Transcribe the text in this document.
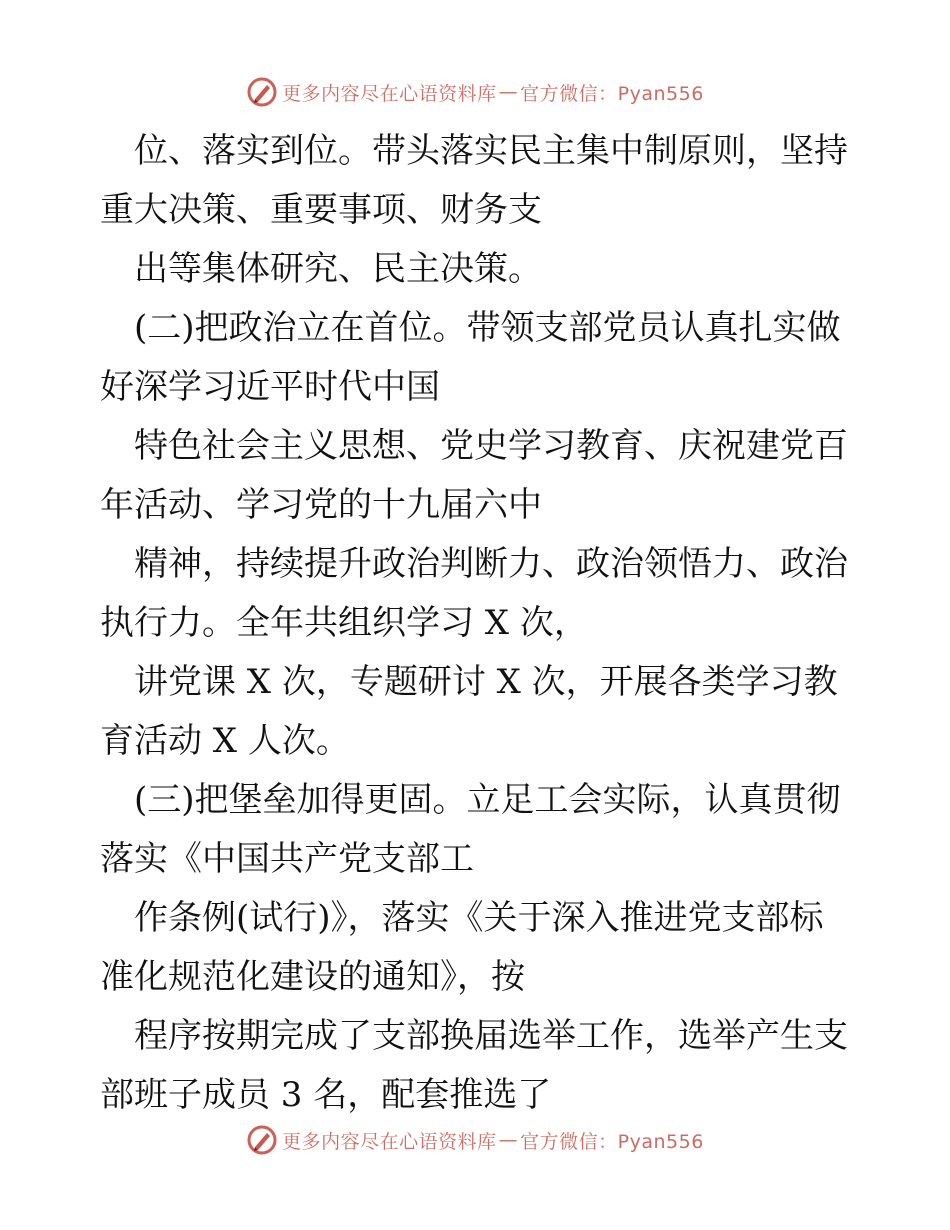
更多内容尽在心语资料库 — 官方微信：Pyan556
位、落实到位。带头落实民主集中制原则，坚持
重大决策、重要事项、财务支
出等集体研究、民主决策。
(二)把政治立在首位。带领支部党员认真扎实做
好深学习近平时代中国
特色社会主义思想、党史学习教育、庆祝建党百
年活动、学习党的十九届六中
精神，持续提升政治判断力、政治领悟力、政治
执行力。全年共组织学习 X 次，
讲党课 X 次，专题研讨 X 次，开展各类学习教
育活动 X 人次。
(三)把堡垒加得更固。立足工会实际，认真贯彻
落实《中国共产党支部工
作条例(试行)》，落实《关于深入推进党支部标
准化规范化建设的通知》，按
程序按期完成了支部换届选举工作，选举产生支
部班子成员 3 名，配套推选了
更多内容尽在心语资料库 — 官方微信：Pyan556
